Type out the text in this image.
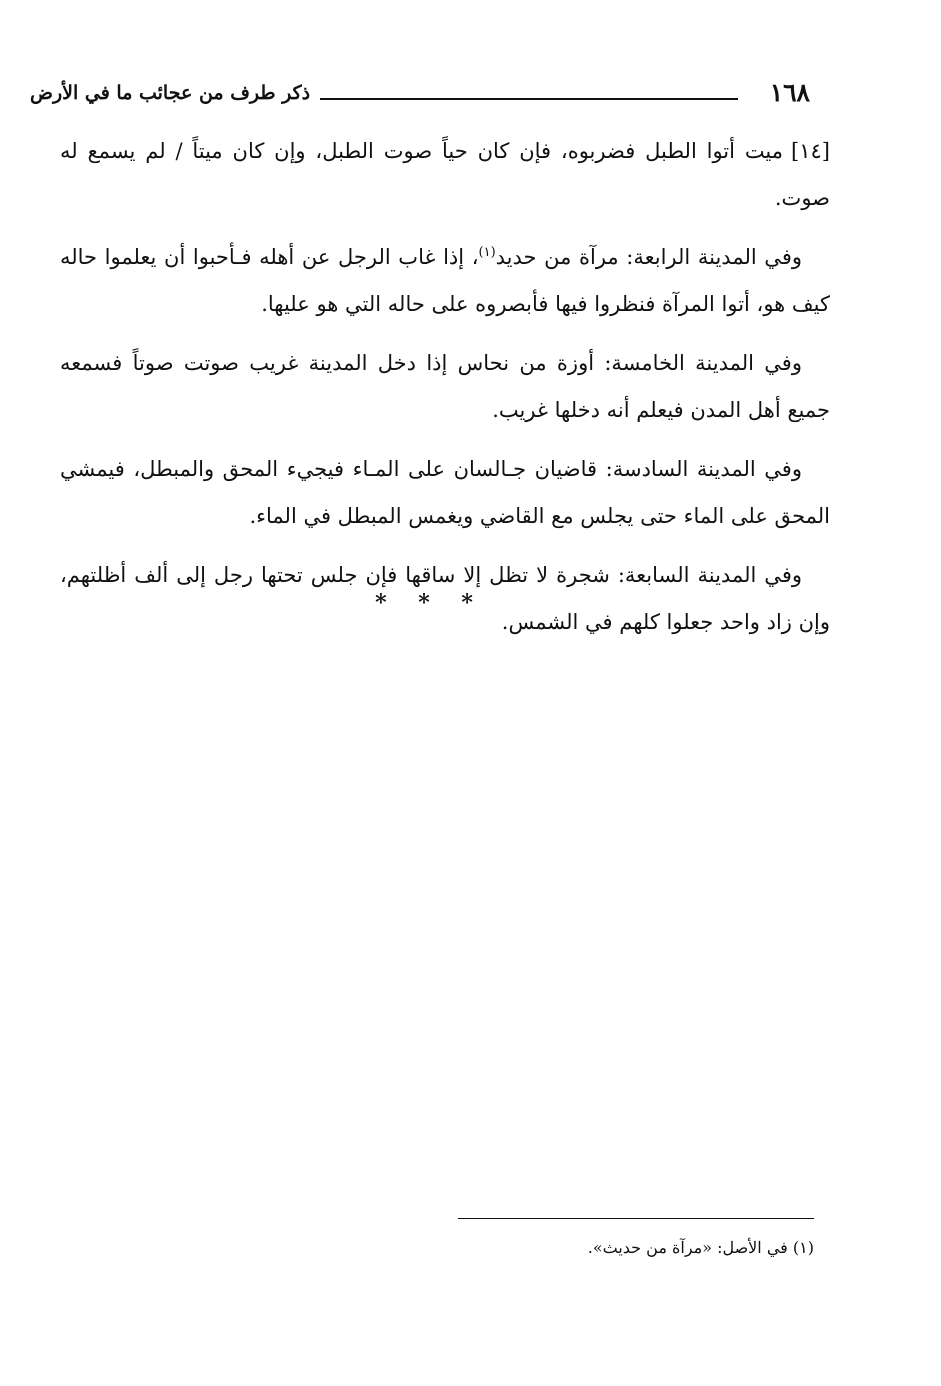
١٦٨
ذكر طرف من عجائب ما في الأرض

[١٤]ميت أتوا الطبل فضربوه، فإن كان حياً صوت الطبل، وإن كان ميتاً / لم يسمع له صوت.

وفي المدينة الرابعة: مرآة من حديد$^{(١)}$، إذا غاب الرجل عن أهله فـأحبوا أن يعلموا حاله كيف هو، أتوا المرآة فنظروا فيها فأبصروه على حاله التي هو عليها.

وفي المدينة الخامسة: أوزة من نحاس إذا دخل المدينة غريب صوتت صوتاً فسمعه جميع أهل المدن فيعلم أنه دخلها غريب.

وفي المدينة السادسة: قاضيان جـالسان على المـاء فيجيء المحق والمبطل، فيمشي المحق على الماء حتى يجلس مع القاضي ويغمس المبطل في الماء.

وفي المدينة السابعة: شجرة لا تظل إلا ساقها فإن جلس تحتها رجل إلى ألف أظلتهم، وإن زاد واحد جعلوا كلهم في الشمس.

* * *
(١) في الأصل: «مرآة من حديث».
